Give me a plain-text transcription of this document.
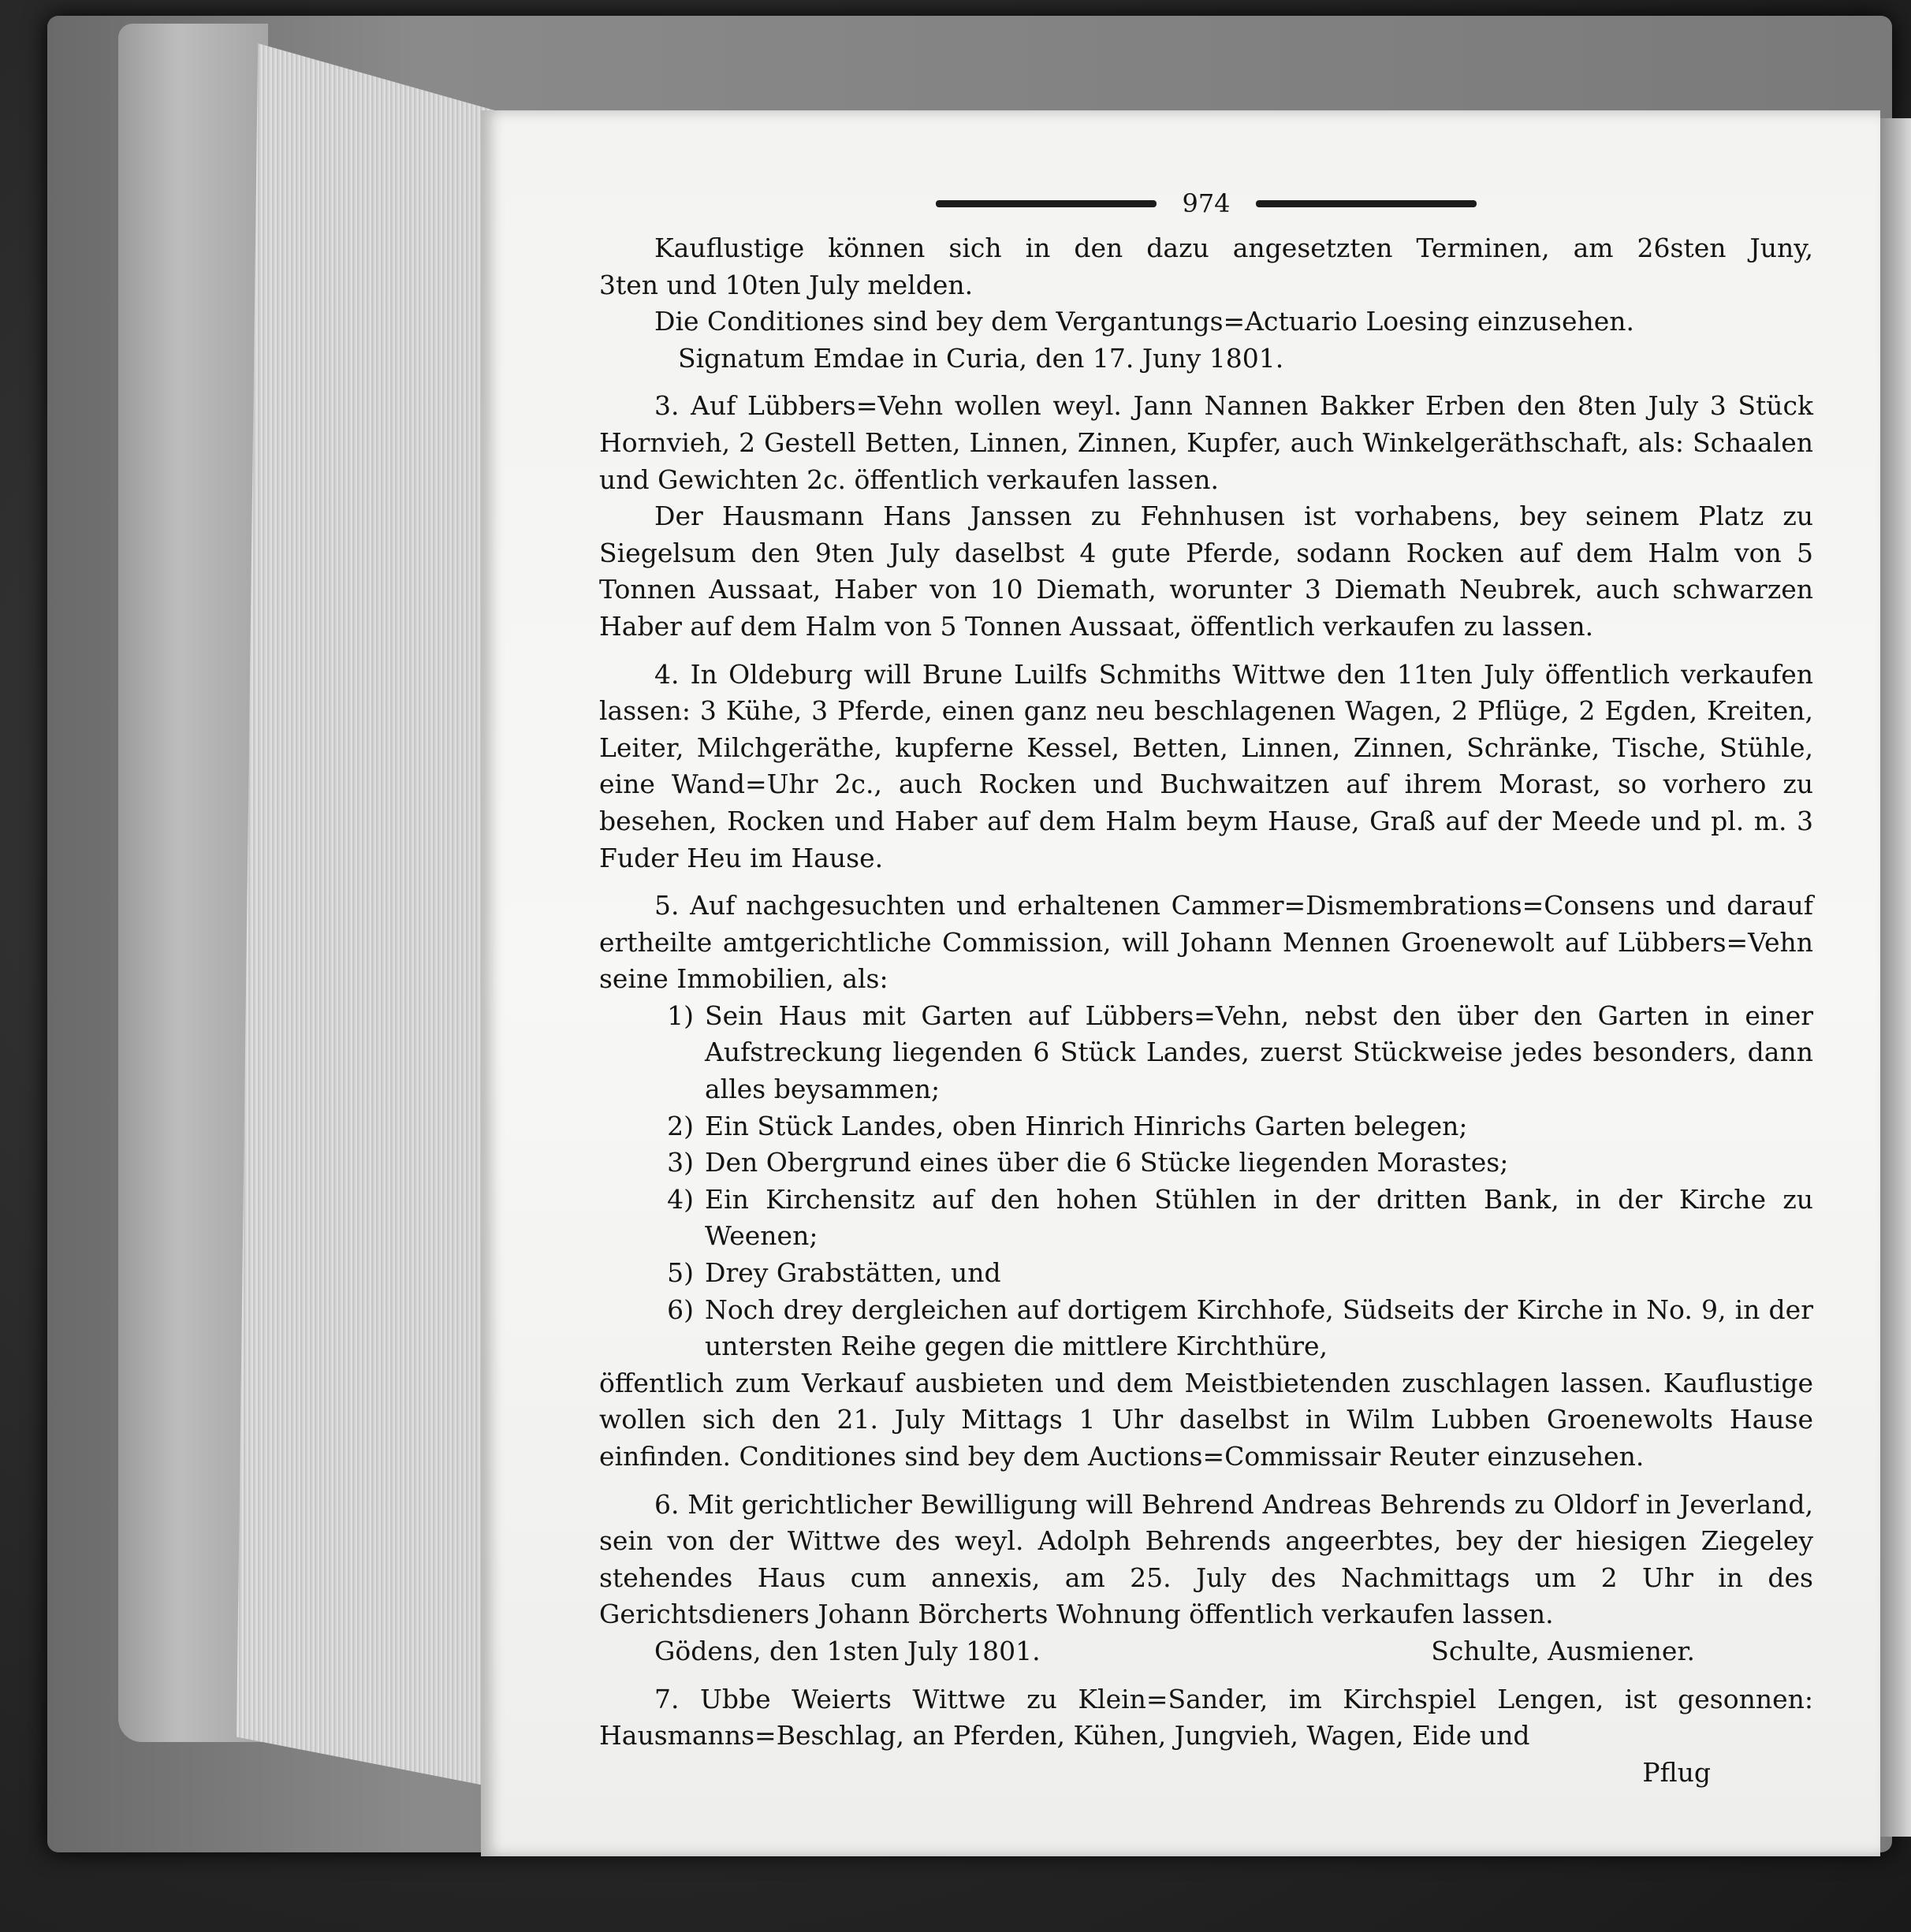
974

Kauflustige können sich in den dazu angesetzten Terminen, am 26sten Juny,

3ten und 10ten July melden.

Die Conditiones sind bey dem Vergantungs=Actuario Loesing einzusehen.

Signatum Emdae in Curia, den 17. Juny 1801.

3. Auf Lübbers=Vehn wollen weyl. Jann Nannen Bakker Erben den 8ten July 3 Stück Hornvieh, 2 Gestell Betten, Linnen, Zinnen, Kupfer, auch Winkelgeräthschaft, als: Schaalen und Gewichten 2c. öffentlich verkaufen lassen.

Der Hausmann Hans Janssen zu Fehnhusen ist vorhabens, bey seinem Platz zu Siegelsum den 9ten July daselbst 4 gute Pferde, sodann Rocken auf dem Halm von 5 Tonnen Aussaat, Haber von 10 Diemath, worunter 3 Diemath Neubrek, auch schwarzen Haber auf dem Halm von 5 Tonnen Aussaat, öffentlich verkaufen zu lassen.

4. In Oldeburg will Brune Luilfs Schmiths Wittwe den 11ten July öffentlich verkaufen lassen: 3 Kühe, 3 Pferde, einen ganz neu beschlagenen Wagen, 2 Pflüge, 2 Egden, Kreiten, Leiter, Milchgeräthe, kupferne Kessel, Betten, Linnen, Zinnen, Schränke, Tische, Stühle, eine Wand=Uhr 2c., auch Rocken und Buchwaitzen auf ihrem Morast, so vorhero zu besehen, Rocken und Haber auf dem Halm beym Hause, Graß auf der Meede und pl. m. 3 Fuder Heu im Hause.

5. Auf nachgesuchten und erhaltenen Cammer=Dismembrations=Consens und darauf ertheilte amtgerichtliche Commission, will Johann Mennen Groenewolt auf Lübbers=Vehn seine Immobilien, als:

1) Sein Haus mit Garten auf Lübbers=Vehn, nebst den über den Garten in einer Aufstreckung liegenden 6 Stück Landes, zuerst Stückweise jedes besonders, dann alles beysammen;
2) Ein Stück Landes, oben Hinrich Hinrichs Garten belegen;
3) Den Obergrund eines über die 6 Stücke liegenden Morastes;
4) Ein Kirchensitz auf den hohen Stühlen in der dritten Bank, in der Kirche zu Weenen;
5) Drey Grabstätten, und
6) Noch drey dergleichen auf dortigem Kirchhofe, Südseits der Kirche in No. 9, in der untersten Reihe gegen die mittlere Kirchthüre,

öffentlich zum Verkauf ausbieten und dem Meistbietenden zuschlagen lassen. Kauflustige wollen sich den 21. July Mittags 1 Uhr daselbst in Wilm Lubben Groenewolts Hause einfinden. Conditiones sind bey dem Auctions=Commissair Reuter einzusehen.

6. Mit gerichtlicher Bewilligung will Behrend Andreas Behrends zu Oldorf in Jeverland, sein von der Wittwe des weyl. Adolph Behrends angeerbtes, bey der hiesigen Ziegeley stehendes Haus cum annexis, am 25. July des Nachmittags um 2 Uhr in des Gerichtsdieners Johann Börcherts Wohnung öffentlich verkaufen lassen.

Gödens, den 1sten July 1801.	Schulte, Ausmiener.

7. Ubbe Weierts Wittwe zu Klein=Sander, im Kirchspiel Lengen, ist gesonnen: Hausmanns=Beschlag, an Pferden, Kühen, Jungvieh, Wagen, Eide und

Pflug
